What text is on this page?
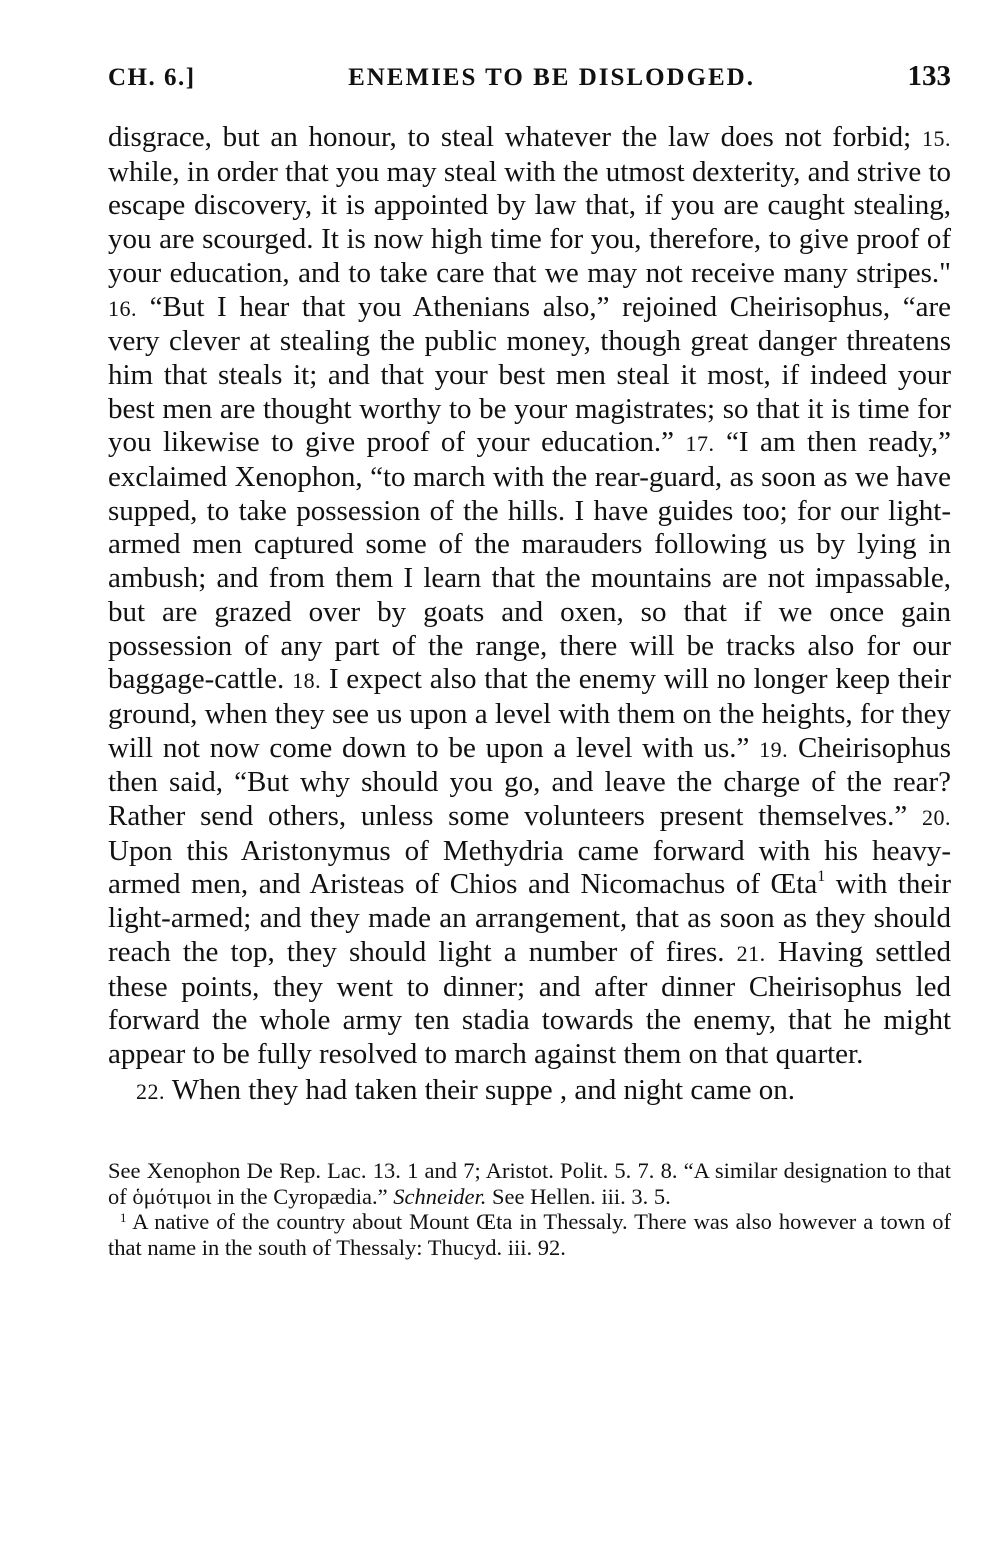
CH. 6.]	ENEMIES TO BE DISLODGED.	133

disgrace, but an honour, to steal whatever the law does not forbid; 15. while, in order that you may steal with the utmost dexterity, and strive to escape discovery, it is appointed by law that, if you are caught stealing, you are scourged. It is now high time for you, therefore, to give proof of your education, and to take care that we may not receive many stripes." 16. “But I hear that you Athenians also,” rejoined Cheirisophus, “are very clever at stealing the public money, though great danger threatens him that steals it; and that your best men steal it most, if indeed your best men are thought worthy to be your magistrates; so that it is time for you likewise to give proof of your education.” 17. “I am then ready,” exclaimed Xenophon, “to march with the rear-guard, as soon as we have supped, to take possession of the hills. I have guides too; for our light-armed men captured some of the marauders following us by lying in ambush; and from them I learn that the mountains are not impassable, but are grazed over by goats and oxen, so that if we once gain possession of any part of the range, there will be tracks also for our baggage-cattle. 18. I expect also that the enemy will no longer keep their ground, when they see us upon a level with them on the heights, for they will not now come down to be upon a level with us.” 19. Cheirisophus then said, “But why should you go, and leave the charge of the rear? Rather send others, unless some volunteers present themselves.” 20. Upon this Aristonymus of Methydria came forward with his heavy-armed men, and Aristeas of Chios and Nicomachus of Œta$^1$ with their light-armed; and they made an arrangement, that as soon as they should reach the top, they should light a number of fires. 21. Having settled these points, they went to dinner; and after dinner Cheirisophus led forward the whole army ten stadia towards the enemy, that he might appear to be fully resolved to march against them on that quarter.

22. When they had taken their suppe , and night came on.

See Xenophon De Rep. Lac. 13. 1 and 7; Aristot. Polit. 5. 7. 8. “A similar designation to that of ὁμότιμοι in the Cyropædia.” Schneider. See Hellen. iii. 3. 5.

$^1$ A native of the country about Mount Œta in Thessaly. There was also however a town of that name in the south of Thessaly: Thucyd. iii. 92.
